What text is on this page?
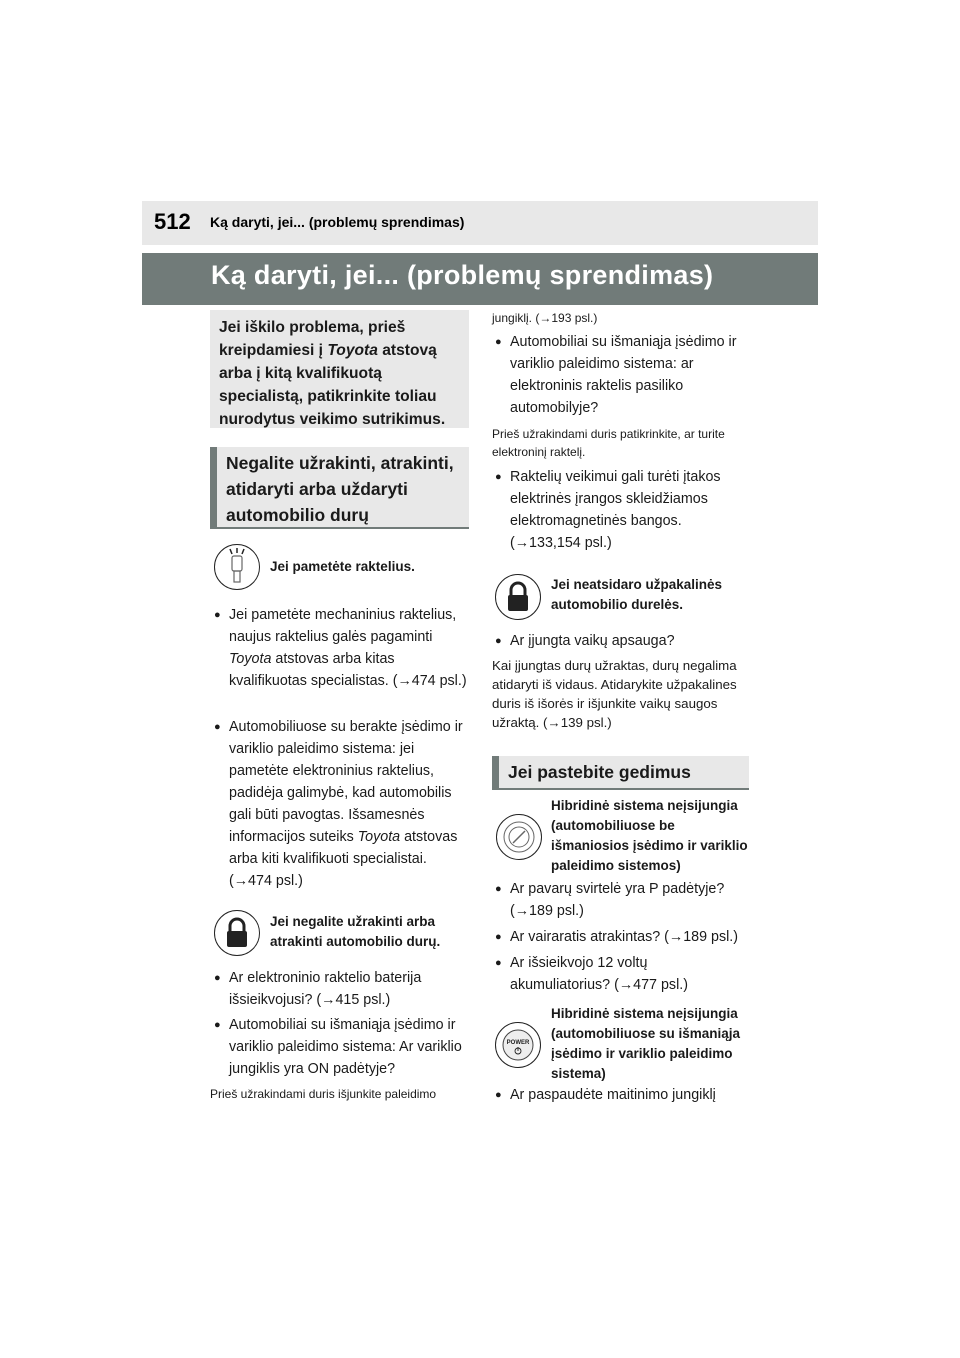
512 Ką daryti, jei... (problemų sprendimas)
Ką daryti, jei... (problemų sprendimas)
Jei iškilo problema, prieš kreipdamiesi į Toyota atstovą arba į kitą kvalifikuotą specialistą, patikrinkite toliau nurodytus veikimo sutrikimus.
Negalite užrakinti, atrakinti, atidaryti arba uždaryti automobilio durų
Jei pametėte raktelius.
● Jei pametėte mechaninius raktelius, naujus raktelius galės pagaminti Toyota atstovas arba kitas kvalifikuotas specialistas. (→474 psl.)
● Automobiliuose su berakte įsėdimo ir variklio paleidimo sistema: jei pametėte elektroninius raktelius, padidėja galimybė, kad automobilis gali būti pavogtas. Išsamesnės informacijos suteiks Toyota atstovas arba kiti kvalifikuoti specialistai. (→474 psl.)
Jei negalite užrakinti arba atrakinti automobilio durų.
● Ar elektroninio raktelio baterija išsieikvojusi? (→415 psl.)
● Automobiliai su išmaniąja įsėdimo ir variklio paleidimo sistema: Ar variklio jungiklis yra ON padėtyje?
Prieš užrakindami duris išjunkite paleidimo
jungiklį. (→193 psl.)
● Automobiliai su išmaniąja įsėdimo ir variklio paleidimo sistema: ar elektroninis raktelis pasiliko automobilyje?
Prieš užrakindami duris patikrinkite, ar turite elektroninį raktelį.
● Raktelių veikimui gali turėti įtakos elektrinės įrangos skleidžiamos elektromagnetinės bangos. (→133,154 psl.)
Jei neatsidaro užpakalinės automobilio durelės.
● Ar įjungta vaikų apsauga?
Kai įjungtas durų užraktas, durų negalima atidaryti iš vidaus. Atidarykite užpakalines duris iš išorės ir išjunkite vaikų saugos užraktą. (→139 psl.)
Jei pastebite gedimus
Hibridinė sistema neįsijungia (automobiliuose be išmaniosios įsėdimo ir variklio paleidimo sistemos)
● Ar pavarų svirtelė yra P padėtyje? (→189 psl.)
● Ar vairaratis atrakintas? (→189 psl.)
● Ar išsieikvojo 12 voltų akumuliatorius? (→477 psl.)
POWER
Hibridinė sistema neįsijungia (automobiliuose su išmaniąja įsėdimo ir variklio paleidimo sistema)
● Ar paspaudėte maitinimo jungiklį
